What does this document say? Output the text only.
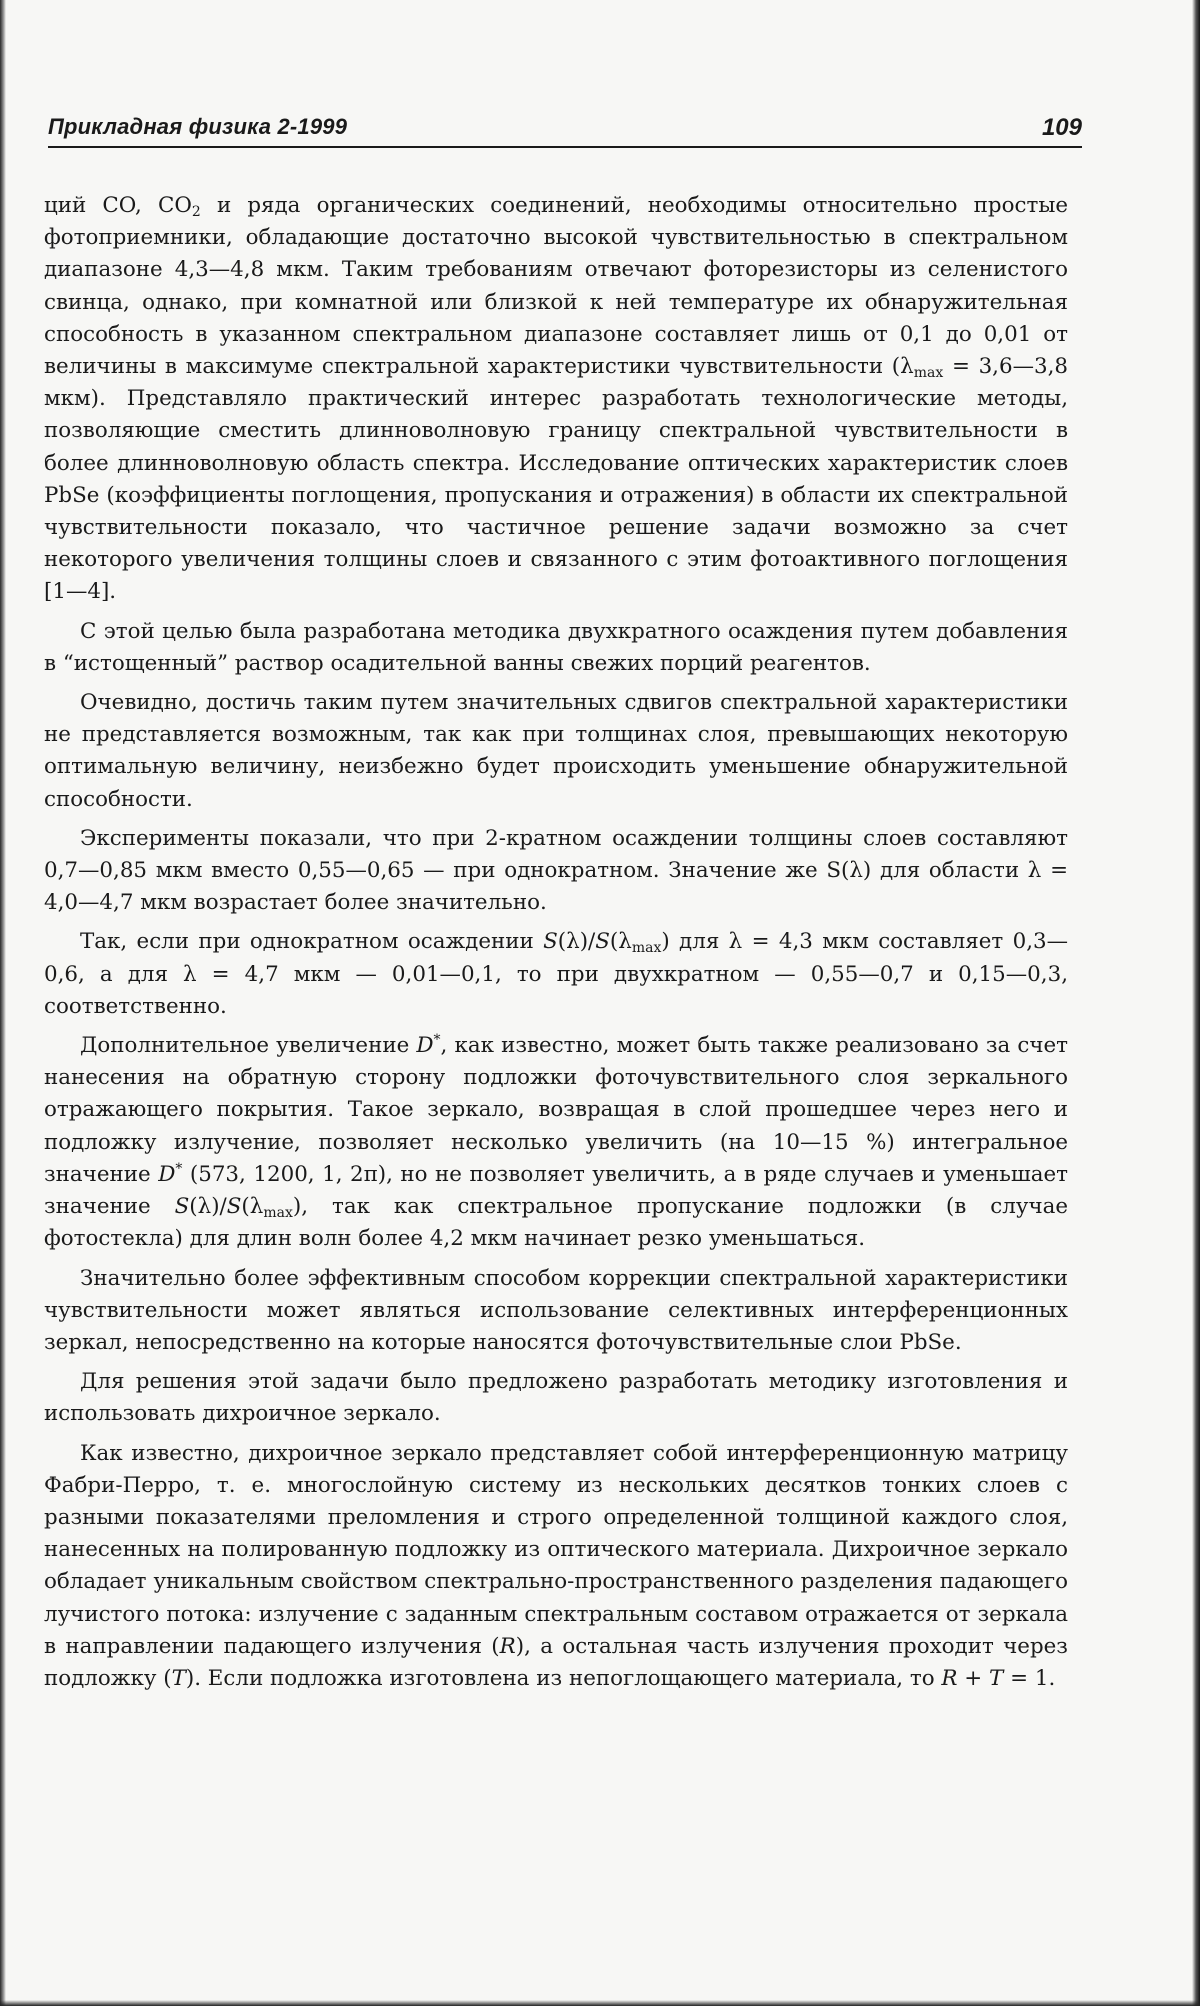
Прикладная физика 2-1999	109

ций CO, $CO_2$ и ряда органических соединений, необходимы относительно простые фотоприемники, обладающие достаточно высокой чувствительностью в спектральном диапазоне 4,3—4,8 мкм. Таким требованиям отвечают фоторезисторы из селенистого свинца, однако, при комнатной или близкой к ней температуре их обнаружительная способность в указанном спектральном диапазоне составляет лишь от 0,1 до 0,01 от величины в максимуме спектральной характеристики чувствительности ($\lambda_{max}$ = 3,6—3,8 мкм). Представляло практический интерес разработать технологические методы, позволяющие сместить длинноволновую границу спектральной чувствительности в более длинноволновую область спектра. Исследование оптических характеристик слоев PbSe (коэффициенты поглощения, пропускания и отражения) в области их спектральной чувствительности показало, что частичное решение задачи возможно за счет некоторого увеличения толщины слоев и связанного с этим фотоактивного поглощения [1—4].

С этой целью была разработана методика двухкратного осаждения путем добавления в “истощенный” раствор осадительной ванны свежих порций реагентов.

Очевидно, достичь таким путем значительных сдвигов спектральной характеристики не представляется возможным, так как при толщинах слоя, превышающих некоторую оптимальную величину, неизбежно будет происходить уменьшение обнаружительной способности.

Эксперименты показали, что при 2-кратном осаждении толщины слоев составляют 0,7—0,85 мкм вместо 0,55—0,65 — при однократном. Значение же S(λ) для области λ = 4,0—4,7 мкм возрастает более значительно.

Так, если при однократном осаждении $S(\lambda)/S(\lambda_{max})$ для λ = 4,3 мкм составляет 0,3—0,6, а для λ = 4,7 мкм — 0,01—0,1, то при двухкратном — 0,55—0,7 и 0,15—0,3, соответственно.

Дополнительное увеличение D*, как известно, может быть также реализовано за счет нанесения на обратную сторону подложки фоточувствительного слоя зеркального отражающего покрытия. Такое зеркало, возвращая в слой прошедшее через него и подложку излучение, позволяет несколько увеличить (на 10—15 %) интегральное значение D* (573, 1200, 1, 2π), но не позволяет увеличить, а в ряде случаев и уменьшает значение $S(\lambda)/S(\lambda_{max})$, так как спектральное пропускание подложки (в случае фотостекла) для длин волн более 4,2 мкм начинает резко уменьшаться.

Значительно более эффективным способом коррекции спектральной характеристики чувствительности может являться использование селективных интерференционных зеркал, непосредственно на которые наносятся фоточувствительные слои PbSe.

Для решения этой задачи было предложено разработать методику изготовления и использовать дихроичное зеркало.

Как известно, дихроичное зеркало представляет собой интерференционную матрицу Фабри-Перро, т. е. многослойную систему из нескольких десятков тонких слоев с разными показателями преломления и строго определенной толщиной каждого слоя, нанесенных на полированную подложку из оптического материала. Дихроичное зеркало обладает уникальным свойством спектрально-пространственного разделения падающего лучистого потока: излучение с заданным спектральным составом отражается от зеркала в направлении падающего излучения (R), а остальная часть излучения проходит через подложку (T). Если подложка изготовлена из непоглощающего материала, то R + T = 1.
